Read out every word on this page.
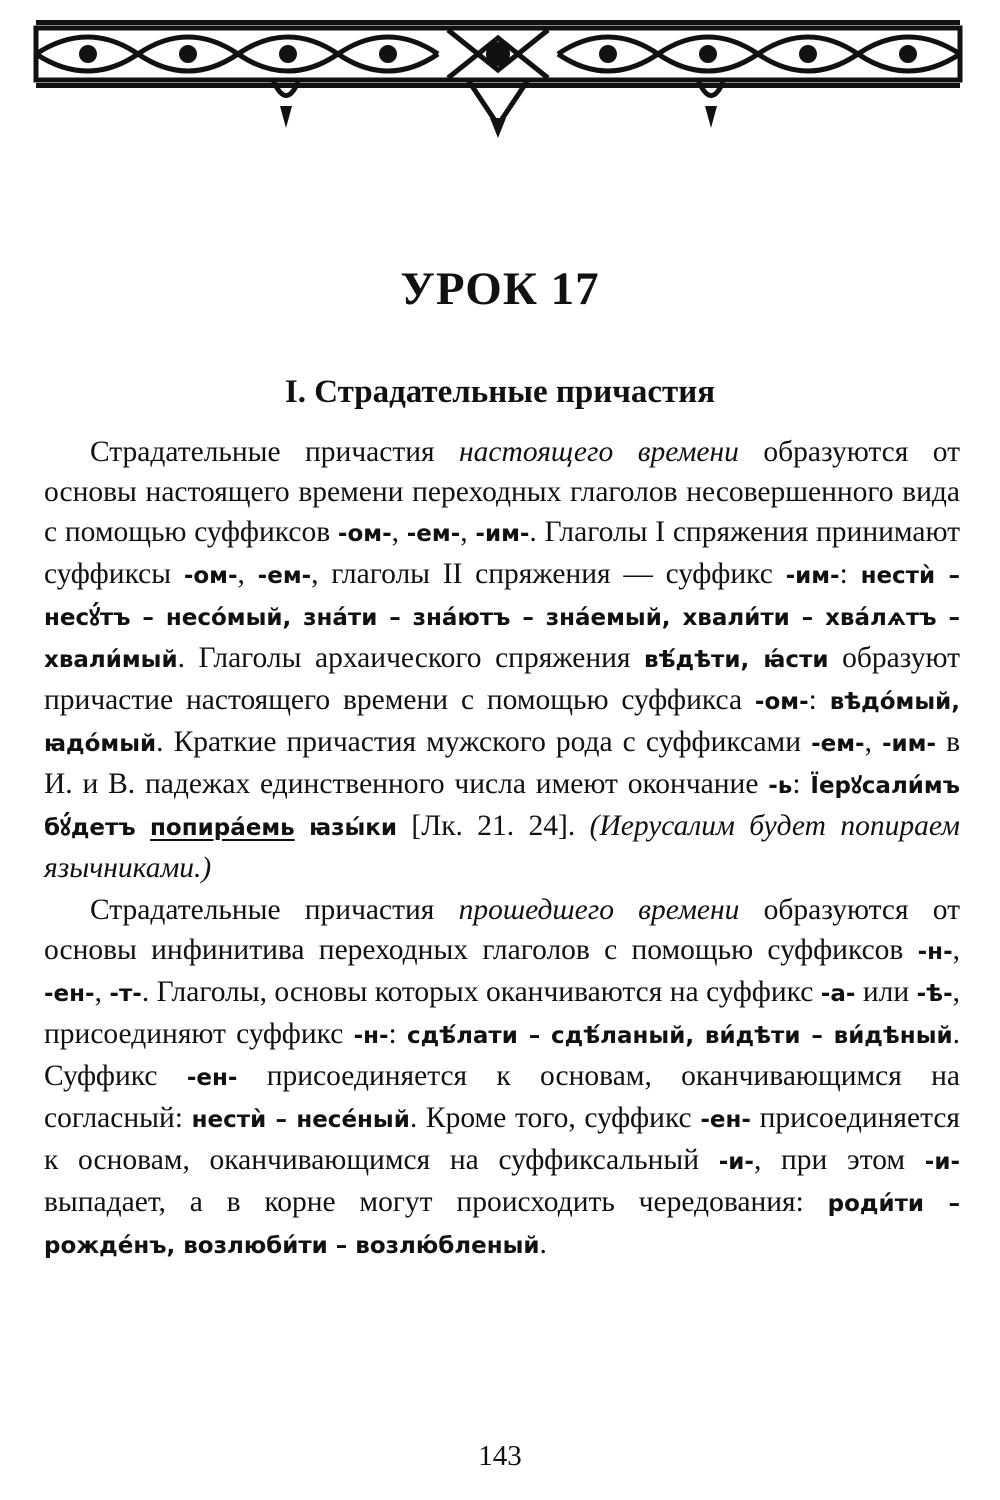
УРОК 17
I. Страдательные причастия

Страдательные причастия настоящего времени образуются от основы настоящего времени переходных глаголов несовершенного вида с помощью суффиксов -ом-, -ем-, -им-. Глаголы I спряжения принимают суффиксы -ом-, -ем-, глаголы II спряжения — суффикс -им-: нестѝ – несꙋ́тъ – несо́мый, зна́ти – зна́ютъ – зна́емый, хвали́ти – хва́лѧтъ – хвали́мый. Глаголы архаического спряжения вѣ́дѣти, ꙗ́сти образуют причастие настоящего времени с помощью суффикса -ом-: вѣдо́мый, ꙗдо́мый. Краткие причастия мужского рода с суффиксами -ем-, -им- в И. и В. падежах единственного числа имеют окончание -ь: Їерꙋсали́мъ бꙋ́детъ попира́емь ꙗзы́ки [Лк. 21. 24]. (Иерусалим будет попираем язычниками.)

Страдательные причастия прошедшего времени образуются от основы инфинитива переходных глаголов с помощью суффиксов -н-, -ен-, -т-. Глаголы, основы которых оканчиваются на суффикс -а- или -ѣ-, присоединяют суффикс -н-: сдѣ́лати – сдѣ́ланый, ви́дѣти – ви́дѣный. Суффикс -ен- присоединяется к основам, оканчивающимся на согласный: нестѝ – несе́ный. Кроме того, суффикс -ен- присоединяется к основам, оканчивающимся на суффиксальный -и-, при этом -и- выпадает, а в корне могут происходить чередования: роди́ти – рожде́нъ, возлюби́ти – возлю́бленый.

143
